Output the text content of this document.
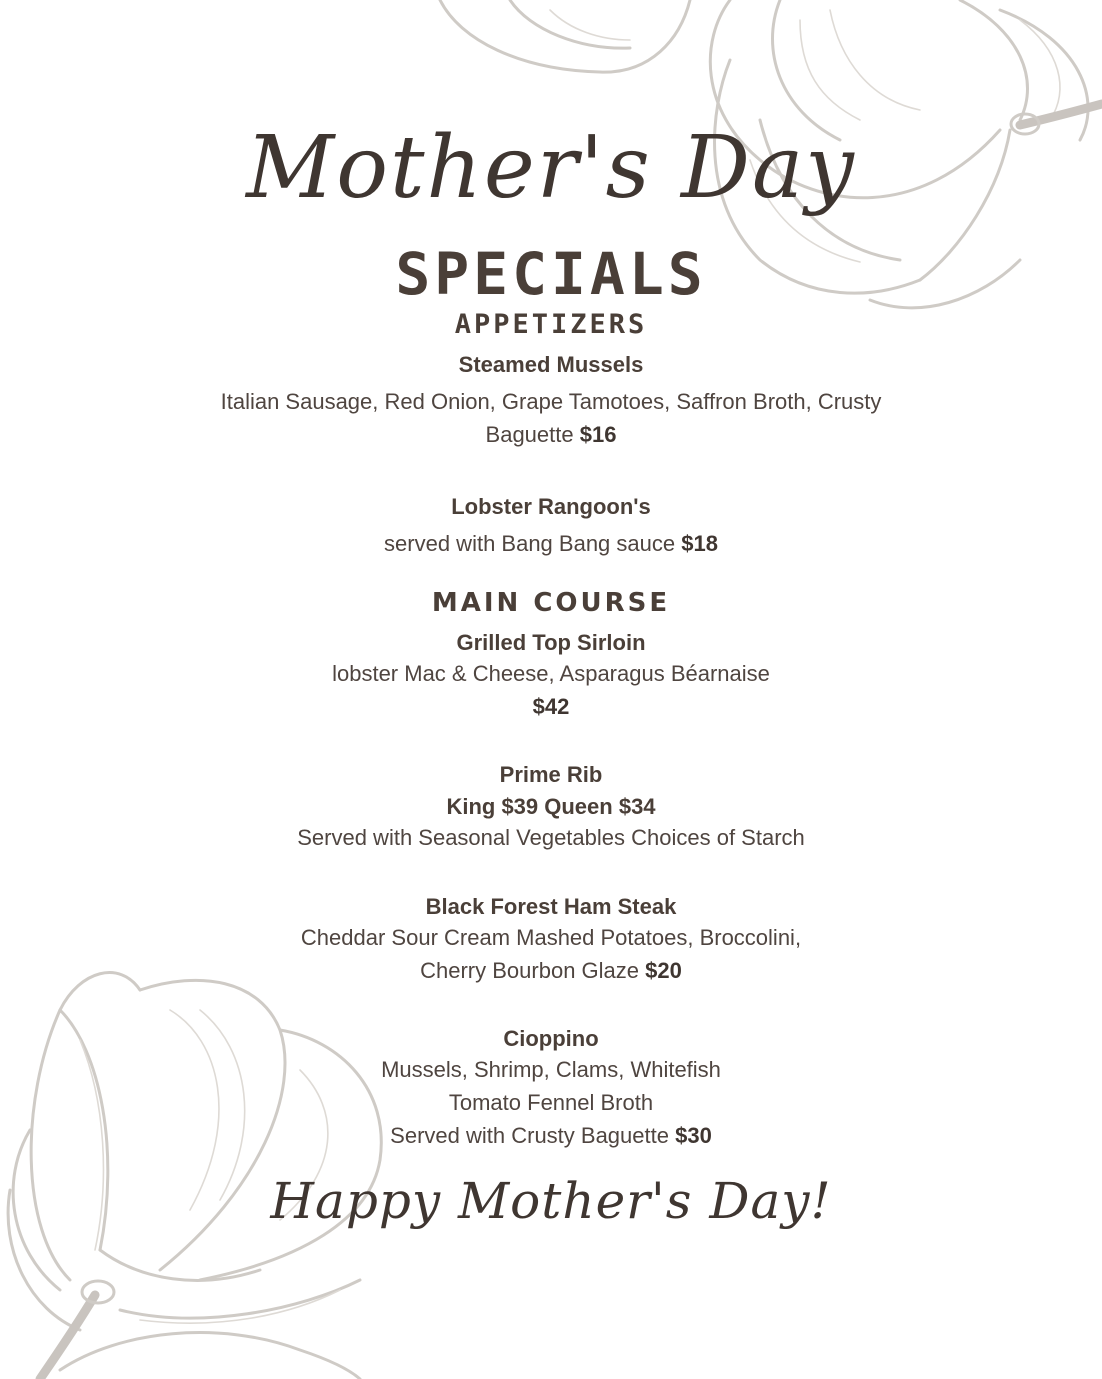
Mother's Day
SPECIALS
APPETIZERS
Steamed Mussels
Italian Sausage, Red Onion, Grape Tamotoes, Saffron Broth, Crusty
Baguette $16
Lobster Rangoon's
served with Bang Bang sauce $18
MAIN COURSE
Grilled Top Sirloin
lobster Mac & Cheese, Asparagus Béarnaise
$42
Prime Rib
King $39 Queen $34
Served with Seasonal Vegetables Choices of Starch
Black Forest Ham Steak
Cheddar Sour Cream Mashed Potatoes, Broccolini,
Cherry Bourbon Glaze $20
Cioppino
Mussels, Shrimp, Clams, Whitefish
Tomato Fennel Broth
Served with Crusty Baguette $30
Happy Mother's Day!
